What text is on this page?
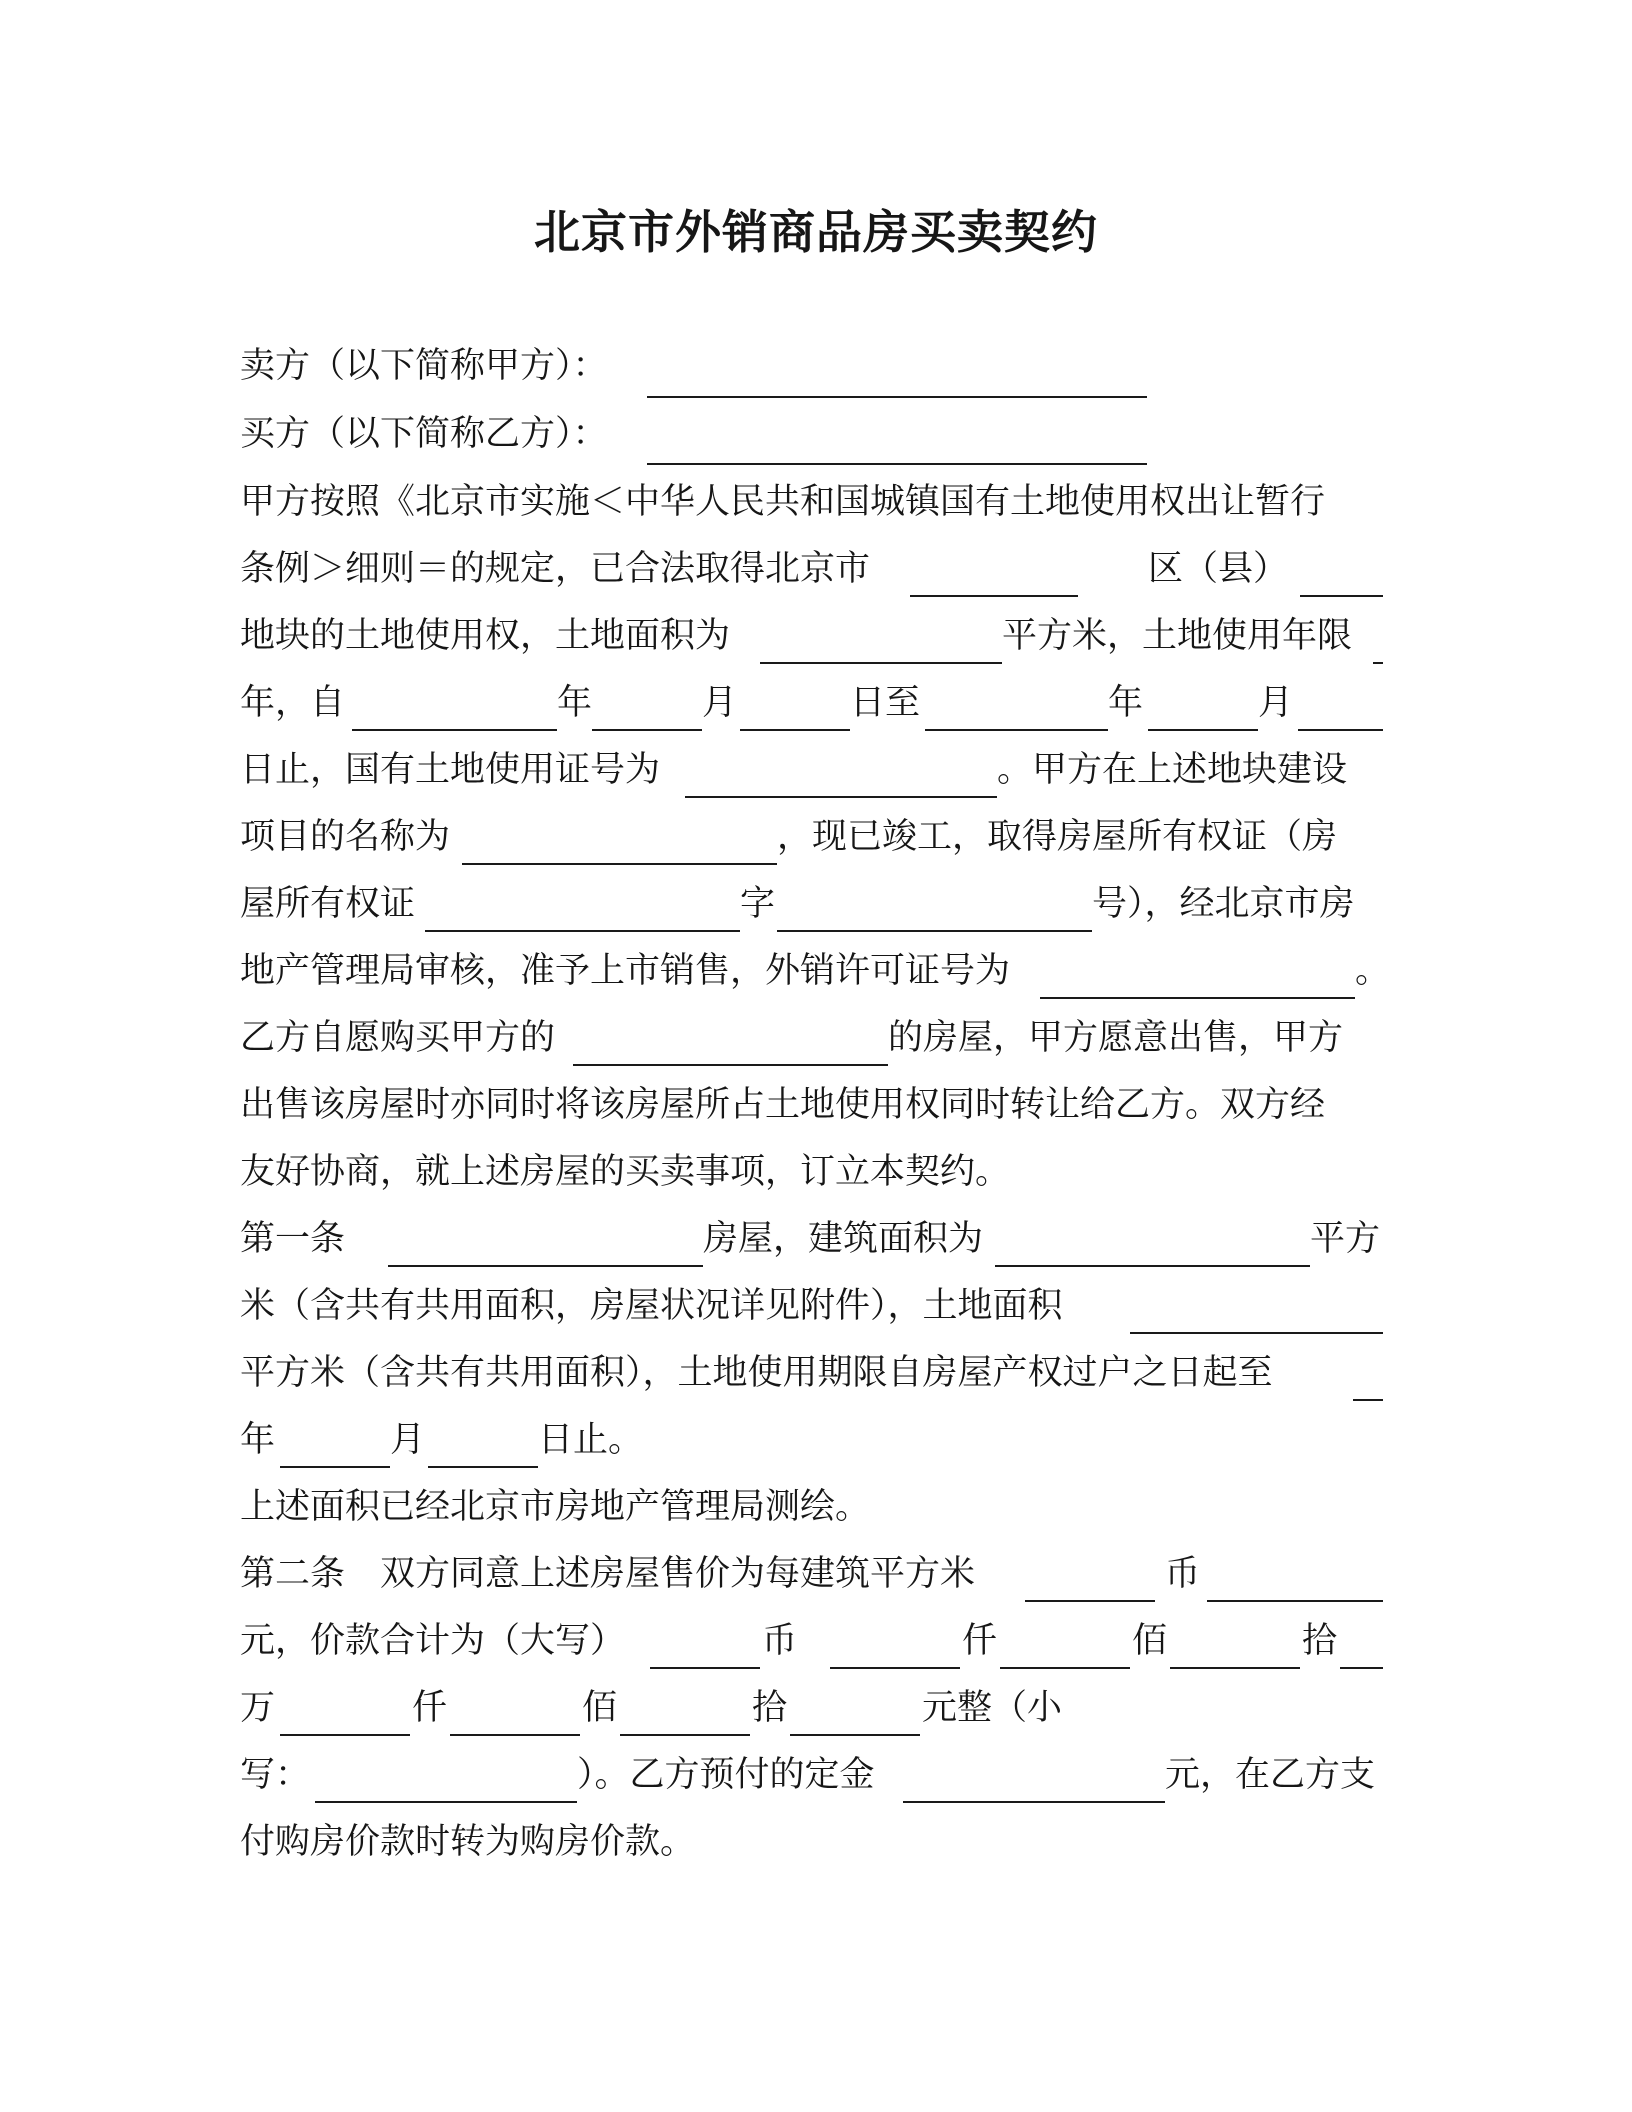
北京市外销商品房买卖契约
卖方（以下简称甲方）：
买方（以下简称乙方）：
甲方按照《北京市实施＜中华人民共和国城镇国有土地使用权出让暂行
条例＞细则＝的规定，已合法取得北京市	区（县）
地块的土地使用权，土地面积为	平方米，土地使用年限
年，自	年	月	日至	年	月
日止，国有土地使用证号为	。甲方在上述地块建设
项目的名称为	，现已竣工，取得房屋所有权证（房
屋所有权证	字	号），经北京市房
地产管理局审核，准予上市销售，外销许可证号为	。
乙方自愿购买甲方的	的房屋，甲方愿意出售，甲方
出售该房屋时亦同时将该房屋所占土地使用权同时转让给乙方。双方经
友好协商，就上述房屋的买卖事项，订立本契约。
第一条	房屋，建筑面积为	平方
米（含共有共用面积，房屋状况详见附件），土地面积
平方米（含共有共用面积），土地使用期限自房屋产权过户之日起至
年	月	日止。
上述面积已经北京市房地产管理局测绘。
第二条　双方同意上述房屋售价为每建筑平方米	币
元，价款合计为（大写）	币	仟	佰	拾
万	仟	佰	拾	元整（小
写：	）。乙方预付的定金	元，在乙方支
付购房价款时转为购房价款。
